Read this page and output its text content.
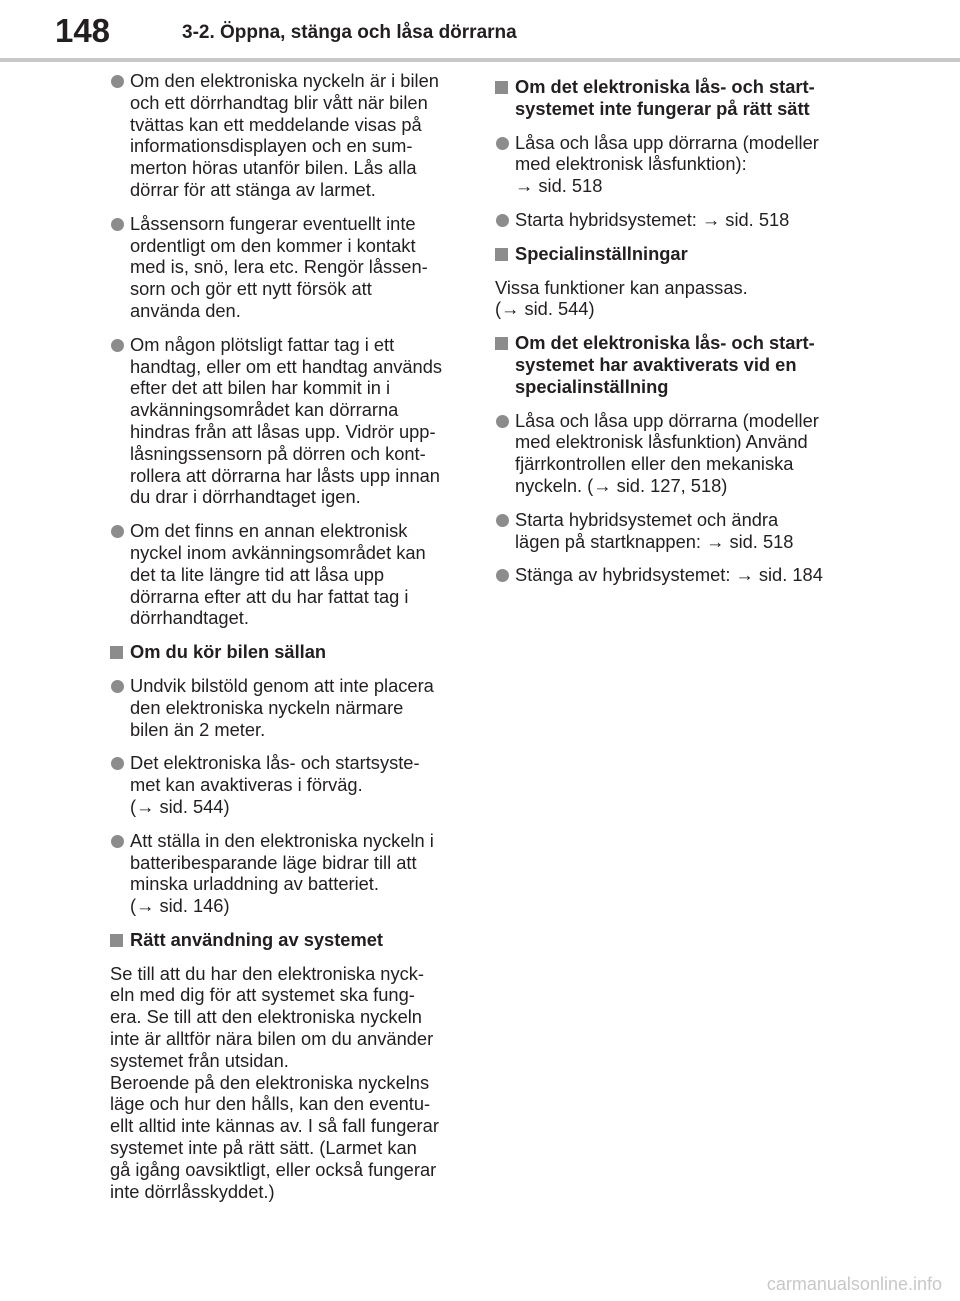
148	3-2. Öppna, stänga och låsa dörrarna
Om den elektroniska nyckeln är i bilen
och ett dörrhandtag blir vått när bilen
tvättas kan ett meddelande visas på
informationsdisplayen och en sum-
merton höras utanför bilen. Lås alla
dörrar för att stänga av larmet.
Låssensorn fungerar eventuellt inte
ordentligt om den kommer i kontakt
med is, snö, lera etc. Rengör låssen-
sorn och gör ett nytt försök att
använda den.
Om någon plötsligt fattar tag i ett
handtag, eller om ett handtag används
efter det att bilen har kommit in i
avkänningsområdet kan dörrarna
hindras från att låsas upp. Vidrör upp-
låsningssensorn på dörren och kont-
rollera att dörrarna har låsts upp innan
du drar i dörrhandtaget igen.
Om det finns en annan elektronisk
nyckel inom avkänningsområdet kan
det ta lite längre tid att låsa upp
dörrarna efter att du har fattat tag i
dörrhandtaget.
Om du kör bilen sällan
Undvik bilstöld genom att inte placera
den elektroniska nyckeln närmare
bilen än 2 meter.
Det elektroniska lås- och startsyste-
met kan avaktiveras i förväg.
(→ sid. 544)
Att ställa in den elektroniska nyckeln i
batteribesparande läge bidrar till att
minska urladdning av batteriet.
(→ sid. 146)
Rätt användning av systemet
Se till att du har den elektroniska nyck-
eln med dig för att systemet ska fung-
era. Se till att den elektroniska nyckeln
inte är alltför nära bilen om du använder
systemet från utsidan.
Beroende på den elektroniska nyckelns
läge och hur den hålls, kan den eventu-
ellt alltid inte kännas av. I så fall fungerar
systemet inte på rätt sätt. (Larmet kan
gå igång oavsiktligt, eller också fungerar
inte dörrlåsskyddet.)
Om det elektroniska lås- och start-
systemet inte fungerar på rätt sätt
Låsa och låsa upp dörrarna (modeller
med elektronisk låsfunktion):
→ sid. 518
Starta hybridsystemet: → sid. 518
Specialinställningar
Vissa funktioner kan anpassas.
(→ sid. 544)
Om det elektroniska lås- och start-
systemet har avaktiverats vid en
specialinställning
Låsa och låsa upp dörrarna (modeller
med elektronisk låsfunktion) Använd
fjärrkontrollen eller den mekaniska
nyckeln. (→ sid. 127, 518)
Starta hybridsystemet och ändra
lägen på startknappen: → sid. 518
Stänga av hybridsystemet: → sid. 184
carmanualsonline.info
